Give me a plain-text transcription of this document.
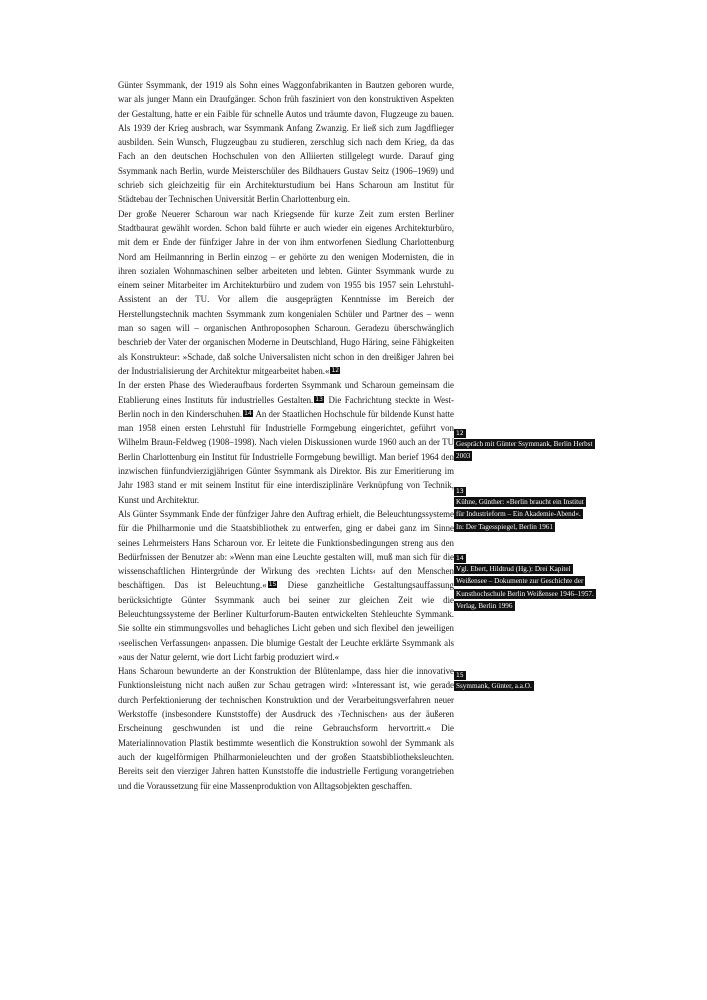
Günter Ssymmank, der 1919 als Sohn eines Waggonfabrikanten in Bautzen geboren wurde, war als junger Mann ein Draufgänger. Schon früh fasziniert von den konstruktiven Aspekten der Gestaltung, hatte er ein Faible für schnelle Autos und träumte davon, Flugzeuge zu bauen. Als 1939 der Krieg ausbrach, war Ssymmank Anfang Zwanzig. Er ließ sich zum Jagdflieger ausbilden. Sein Wunsch, Flugzeugbau zu studieren, zerschlug sich nach dem Krieg, da das Fach an den deutschen Hochschulen von den Alliierten stillgelegt wurde. Darauf ging Ssymmank nach Berlin, wurde Meisterschüler des Bildhauers Gustav Seitz (1906–1969) und schrieb sich gleichzeitig für ein Architekturstudium bei Hans Scharoun am Institut für Städtebau der Technischen Universität Berlin Charlottenburg ein.

Der große Neuerer Scharoun war nach Kriegsende für kurze Zeit zum ersten Berliner Stadtbaurat gewählt worden. Schon bald führte er auch wieder ein eigenes Architekturbüro, mit dem er Ende der fünfziger Jahre in der von ihm entworfenen Siedlung Charlottenburg Nord am Heilmannring in Berlin einzog – er gehörte zu den wenigen Modernisten, die in ihren sozialen Wohnmaschinen selber arbeiteten und lebten. Günter Ssymmank wurde zu einem seiner Mitarbeiter im Architekturbüro und zudem von 1955 bis 1957 sein Lehrstuhl-Assistent an der TU. Vor allem die ausgeprägten Kenntnisse im Bereich der Herstellungstechnik machten Ssymmank zum kongenialen Schüler und Partner des – wenn man so sagen will – organischen Anthroposophen Scharoun. Geradezu überschwänglich beschrieb der Vater der organischen Moderne in Deutschland, Hugo Häring, seine Fähigkeiten als Konstrukteur: »Schade, daß solche Universalisten nicht schon in den dreißiger Jahren bei der Industrialisierung der Architektur mitgearbeitet haben.« 12

In der ersten Phase des Wiederaufbaus forderten Ssymmank und Scharoun gemeinsam die Etablierung eines Instituts für industrielles Gestalten. 13 Die Fachrichtung steckte in West-Berlin noch in den Kinderschuhen. 14 An der Staatlichen Hochschule für bildende Kunst hatte man 1958 einen ersten Lehrstuhl für Industrielle Formgebung eingerichtet, geführt von Wilhelm Braun-Feldweg (1908–1998). Nach vielen Diskussionen wurde 1960 auch an der TU Berlin Charlottenburg ein Institut für Industrielle Formgebung bewilligt. Man berief 1964 den inzwischen fünfundvierzigjährigen Günter Ssymmank als Direktor. Bis zur Emeritierung im Jahr 1983 stand er mit seinem Institut für eine interdisziplinäre Verknüpfung von Technik, Kunst und Architektur.

Als Günter Ssymmank Ende der fünfziger Jahre den Auftrag erhielt, die Beleuchtungssysteme für die Philharmonie und die Staatsbibliothek zu entwerfen, ging er dabei ganz im Sinne seines Lehrmeisters Hans Scharoun vor. Er leitete die Funktionsbedingungen streng aus den Bedürfnissen der Benutzer ab: »Wenn man eine Leuchte gestalten will, muß man sich für die wissenschaftlichen Hintergründe der Wirkung des ›rechten Lichts‹ auf den Menschen beschäftigen. Das ist Beleuchtung.« 15 Diese ganzheitliche Gestaltungsauffassung berücksichtigte Günter Ssymmank auch bei seiner zur gleichen Zeit wie die Beleuchtungssysteme der Berliner Kulturforum-Bauten entwickelten Stehleuchte Symmank. Sie sollte ein stimmungsvolles und behagliches Licht geben und sich flexibel den jeweiligen ›seelischen Verfassungen‹ anpassen. Die blumige Gestalt der Leuchte erklärte Ssymmank als »aus der Natur gelernt, wie dort Licht farbig produziert wird.«

Hans Scharoun bewunderte an der Konstruktion der Blütenlampe, dass hier die innovative Funktionsleistung nicht nach außen zur Schau getragen wird: »Interessant ist, wie gerade durch Perfektionierung der technischen Konstruktion und der Verarbeitungsverfahren neuer Werkstoffe (insbesondere Kunststoffe) der Ausdruck des ›Technischen‹ aus der äußeren Erscheinung geschwunden ist und die reine Gebrauchsform hervortritt.« Die Materialinnovation Plastik bestimmte wesentlich die Konstruktion sowohl der Symmank als auch der kugelförmigen Philharmonieleuchten und der großen Staatsbibliotheksleuchten. Bereits seit den vierziger Jahren hatten Kunststoffe die industrielle Fertigung vorangetrieben und die Voraussetzung für eine Massenproduktion von Alltagsobjekten geschaffen.

12
Gespräch mit Günter Ssymmank, Berlin Herbst
2003
13
Kühne, Günther: »Berlin braucht ein Institut
für Industrieform – Ein Akademie-Abend«.
In: Der Tagesspiegel, Berlin 1961
14
Vgl. Ebert, Hildtrud (Hg.): Drei Kapitel
Weißensee – Dokumente zur Geschichte der
Kunsthochschule Berlin Weißensee 1946–1957.
Verlag, Berlin 1996
15
Ssymmank, Günter, a.a.O.
